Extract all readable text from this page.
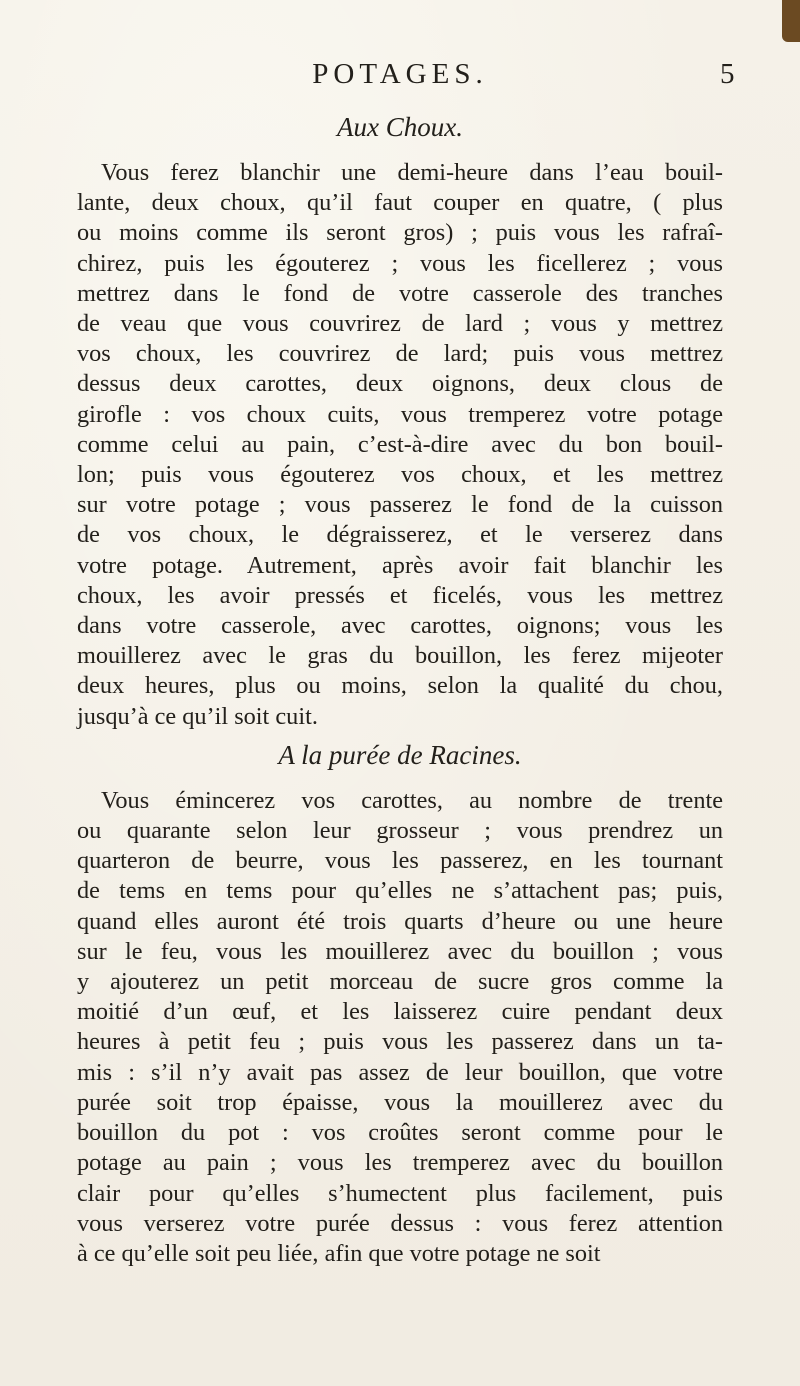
POTAGES.	5
Aux Choux.
Vous ferez blanchir une demi-heure dans l’eau bouil-
lante, deux choux, qu’il faut couper en quatre, ( plus
ou moins comme ils seront gros) ; puis vous les rafraî-
chirez, puis les égouterez ; vous les ficellerez ; vous
mettrez dans le fond de votre casserole des tranches
de veau que vous couvrirez de lard ; vous y mettrez
vos choux, les couvrirez de lard; puis vous mettrez
dessus deux carottes, deux oignons, deux clous de
girofle : vos choux cuits, vous tremperez votre potage
comme celui au pain, c’est-à-dire avec du bon bouil-
lon; puis vous égouterez vos choux, et les mettrez
sur votre potage ; vous passerez le fond de la cuisson
de vos choux, le dégraisserez, et le verserez dans
votre potage. Autrement, après avoir fait blanchir les
choux, les avoir pressés et ficelés, vous les mettrez
dans votre casserole, avec carottes, oignons; vous les
mouillerez avec le gras du bouillon, les ferez mijeoter
deux heures, plus ou moins, selon la qualité du chou,
jusqu’à ce qu’il soit cuit.
A la purée de Racines.
Vous émincerez vos carottes, au nombre de trente
ou quarante selon leur grosseur ; vous prendrez un
quarteron de beurre, vous les passerez, en les tournant
de tems en tems pour qu’elles ne s’attachent pas; puis,
quand elles auront été trois quarts d’heure ou une heure
sur le feu, vous les mouillerez avec du bouillon ; vous
y ajouterez un petit morceau de sucre gros comme la
moitié d’un œuf, et les laisserez cuire pendant deux
heures à petit feu ; puis vous les passerez dans un ta-
mis : s’il n’y avait pas assez de leur bouillon, que votre
purée soit trop épaisse, vous la mouillerez avec du
bouillon du pot : vos croûtes seront comme pour le
potage au pain ; vous les tremperez avec du bouillon
clair pour qu’elles s’humectent plus facilement, puis
vous verserez votre purée dessus : vous ferez attention
à ce qu’elle soit peu liée, afin que votre potage ne soit
